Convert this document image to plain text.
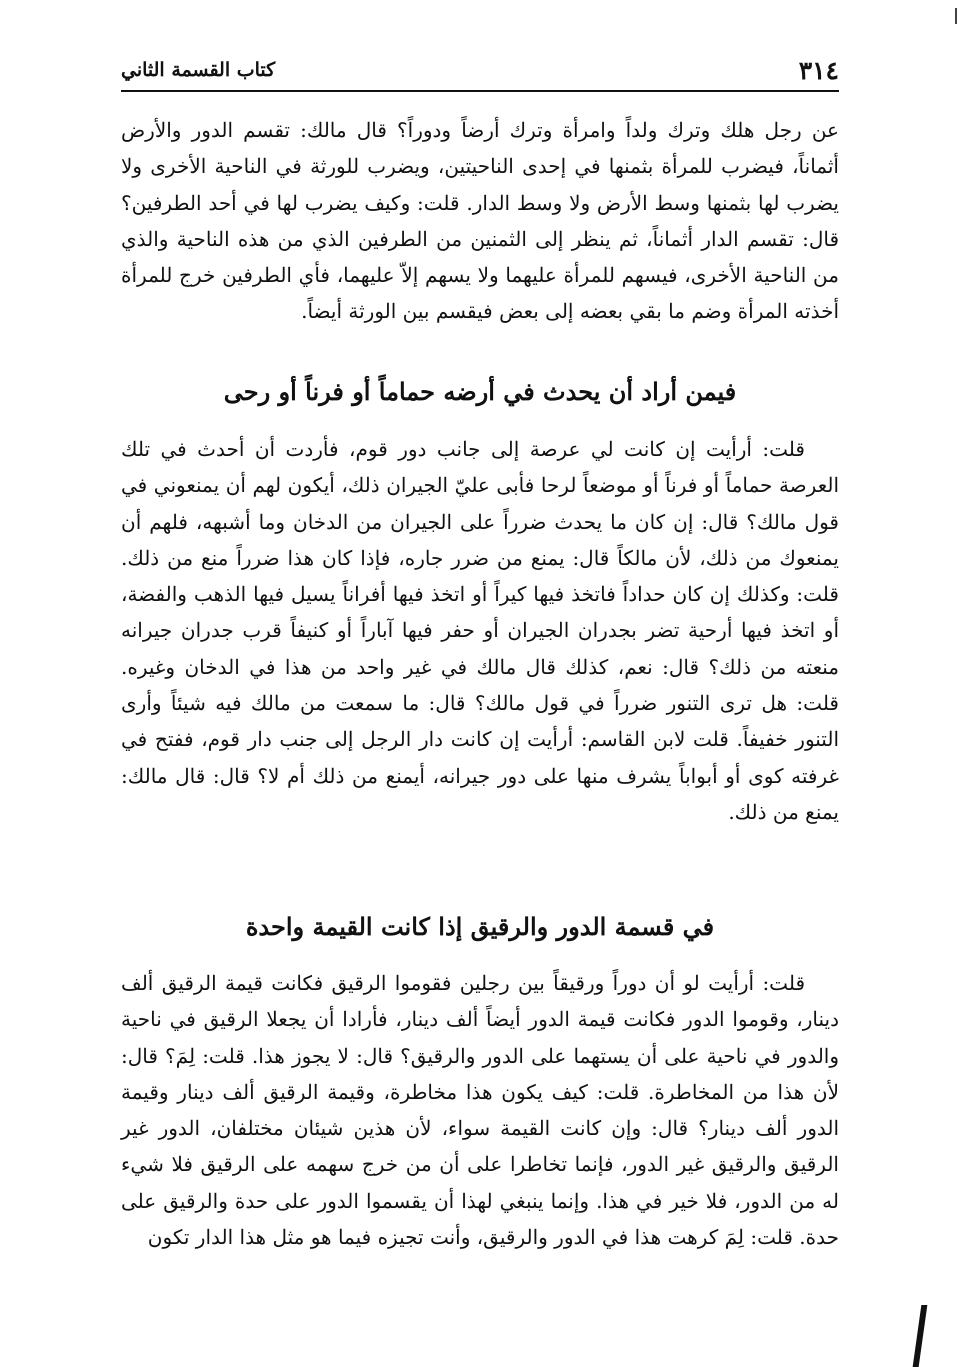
٣١٤
كتاب القسمة الثاني

عن رجل هلك وترك ولداً وامرأة وترك أرضاً ودوراً؟ قال مالك: تقسم الدور والأرض أثماناً، فيضرب للمرأة بثمنها في إحدى الناحيتين، ويضرب للورثة في الناحية الأخرى ولا يضرب لها بثمنها وسط الأرض ولا وسط الدار. قلت: وكيف يضرب لها في أحد الطرفين؟ قال: تقسم الدار أثماناً، ثم ينظر إلى الثمنين من الطرفين الذي من هذه الناحية والذي من الناحية الأخرى، فيسهم للمرأة عليهما ولا يسهم إلاّ عليهما، فأي الطرفين خرج للمرأة أخذته المرأة وضم ما بقي بعضه إلى بعض فيقسم بين الورثة أيضاً.

فيمن أراد أن يحدث في أرضه حماماً أو فرناً أو رحى

قلت: أرأيت إن كانت لي عرصة إلى جانب دور قوم، فأردت أن أحدث في تلك العرصة حماماً أو فرناً أو موضعاً لرحا فأبى عليّ الجيران ذلك، أيكون لهم أن يمنعوني في قول مالك؟ قال: إن كان ما يحدث ضرراً على الجيران من الدخان وما أشبهه، فلهم أن يمنعوك من ذلك، لأن مالكاً قال: يمنع من ضرر جاره، فإذا كان هذا ضرراً منع من ذلك. قلت: وكذلك إن كان حداداً فاتخذ فيها كيراً أو اتخذ فيها أفراناً يسيل فيها الذهب والفضة، أو اتخذ فيها أرحية تضر بجدران الجيران أو حفر فيها آباراً أو كنيفاً قرب جدران جيرانه منعته من ذلك؟ قال: نعم، كذلك قال مالك في غير واحد من هذا في الدخان وغيره. قلت: هل ترى التنور ضرراً في قول مالك؟ قال: ما سمعت من مالك فيه شيئاً وأرى التنور خفيفاً. قلت لابن القاسم: أرأيت إن كانت دار الرجل إلى جنب دار قوم، ففتح في غرفته كوى أو أبواباً يشرف منها على دور جيرانه، أيمنع من ذلك أم لا؟ قال: قال مالك: يمنع من ذلك.

في قسمة الدور والرقيق إذا كانت القيمة واحدة

قلت: أرأيت لو أن دوراً ورقيقاً بين رجلين فقوموا الرقيق فكانت قيمة الرقيق ألف دينار، وقوموا الدور فكانت قيمة الدور أيضاً ألف دينار، فأرادا أن يجعلا الرقيق في ناحية والدور في ناحية على أن يستهما على الدور والرقيق؟ قال: لا يجوز هذا. قلت: لِمَ؟ قال: لأن هذا من المخاطرة. قلت: كيف يكون هذا مخاطرة، وقيمة الرقيق ألف دينار وقيمة الدور ألف دينار؟ قال: وإن كانت القيمة سواء، لأن هذين شيئان مختلفان، الدور غير الرقيق والرقيق غير الدور، فإنما تخاطرا على أن من خرج سهمه على الرقيق فلا شيء له من الدور، فلا خير في هذا. وإنما ينبغي لهذا أن يقسموا الدور على حدة والرقيق على حدة. قلت: لِمَ كرهت هذا في الدور والرقيق، وأنت تجيزه فيما هو مثل هذا الدار تكون
